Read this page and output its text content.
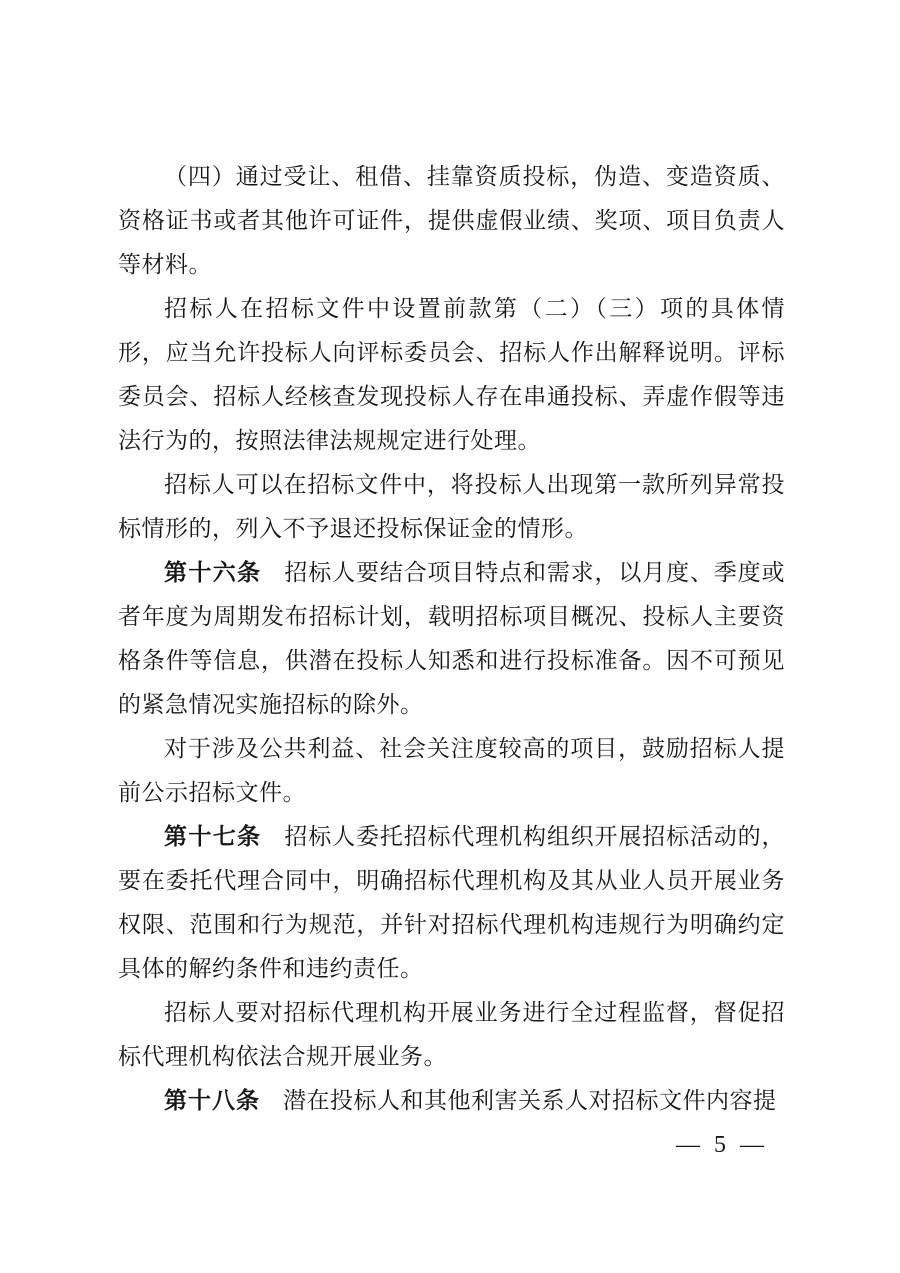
（四）通过受让、租借、挂靠资质投标，伪造、变造资质、资格证书或者其他许可证件，提供虚假业绩、奖项、项目负责人等材料。

招标人在招标文件中设置前款第（二）（三）项的具体情形，应当允许投标人向评标委员会、招标人作出解释说明。评标委员会、招标人经核查发现投标人存在串通投标、弄虚作假等违法行为的，按照法律法规规定进行处理。

招标人可以在招标文件中，将投标人出现第一款所列异常投标情形的，列入不予退还投标保证金的情形。

第十六条 招标人要结合项目特点和需求，以月度、季度或者年度为周期发布招标计划，载明招标项目概况、投标人主要资格条件等信息，供潜在投标人知悉和进行投标准备。因不可预见的紧急情况实施招标的除外。

对于涉及公共利益、社会关注度较高的项目，鼓励招标人提前公示招标文件。

第十七条 招标人委托招标代理机构组织开展招标活动的，要在委托代理合同中，明确招标代理机构及其从业人员开展业务权限、范围和行为规范，并针对招标代理机构违规行为明确约定具体的解约条件和违约责任。

招标人要对招标代理机构开展业务进行全过程监督，督促招标代理机构依法合规开展业务。

第十八条 潜在投标人和其他利害关系人对招标文件内容提

— 5 —
